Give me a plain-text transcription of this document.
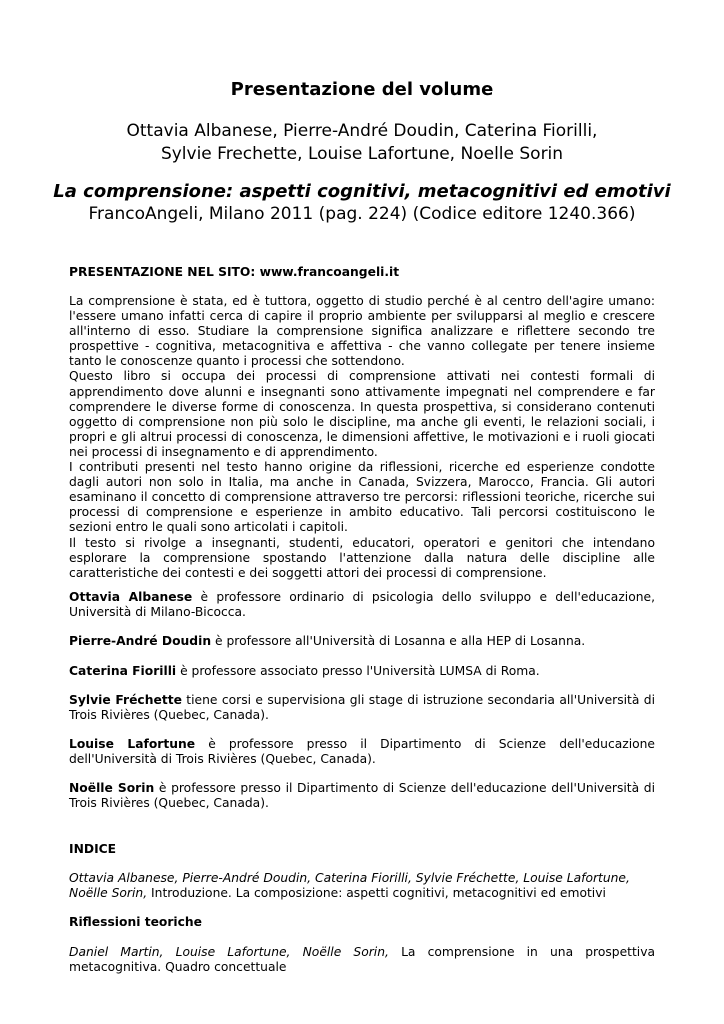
Presentazione del volume
Ottavia Albanese, Pierre-André Doudin, Caterina Fiorilli,
Sylvie Frechette, Louise Lafortune, Noelle Sorin
La comprensione: aspetti cognitivi, metacognitivi ed emotivi
FrancoAngeli, Milano 2011 (pag. 224) (Codice editore 1240.366)
PRESENTAZIONE NEL SITO: www.francoangeli.it

La comprensione è stata, ed è tuttora, oggetto di studio perché è al centro dell'agire umano: l'essere umano infatti cerca di capire il proprio ambiente per svilupparsi al meglio e crescere all'interno di esso. Studiare la comprensione significa analizzare e riflettere secondo tre prospettive - cognitiva, metacognitiva e affettiva - che vanno collegate per tenere insieme tanto le conoscenze quanto i processi che sottendono.

Questo libro si occupa dei processi di comprensione attivati nei contesti formali di apprendimento dove alunni e insegnanti sono attivamente impegnati nel comprendere e far comprendere le diverse forme di conoscenza. In questa prospettiva, si considerano contenuti oggetto di comprensione non più solo le discipline, ma anche gli eventi, le relazioni sociali, i propri e gli altrui processi di conoscenza, le dimensioni affettive, le motivazioni e i ruoli giocati nei processi di insegnamento e di apprendimento.

I contributi presenti nel testo hanno origine da riflessioni, ricerche ed esperienze condotte dagli autori non solo in Italia, ma anche in Canada, Svizzera, Marocco, Francia. Gli autori esaminano il concetto di comprensione attraverso tre percorsi: riflessioni teoriche, ricerche sui processi di comprensione e esperienze in ambito educativo. Tali percorsi costituiscono le sezioni entro le quali sono articolati i capitoli.

Il testo si rivolge a insegnanti, studenti, educatori, operatori e genitori che intendano esplorare la comprensione spostando l'attenzione dalla natura delle discipline alle caratteristiche dei contesti e dei soggetti attori dei processi di comprensione.

Ottavia Albanese è professore ordinario di psicologia dello sviluppo e dell'educazione, Università di Milano-Bicocca.
Pierre-André Doudin è professore all'Università di Losanna e alla HEP di Losanna.
Caterina Fiorilli è professore associato presso l'Università LUMSA di Roma.
Sylvie Fréchette tiene corsi e supervisiona gli stage di istruzione secondaria all'Università di Trois Rivières (Quebec, Canada).
Louise Lafortune è professore presso il Dipartimento di Scienze dell'educazione dell'Università di Trois Rivières (Quebec, Canada).
Noëlle Sorin è professore presso il Dipartimento di Scienze dell'educazione dell'Università di Trois Rivières (Quebec, Canada).
INDICE
Ottavia Albanese, Pierre-André Doudin, Caterina Fiorilli, Sylvie Fréchette, Louise Lafortune, Noëlle Sorin, Introduzione. La composizione: aspetti cognitivi, metacognitivi ed emotivi
Riflessioni teoriche
Daniel Martin, Louise Lafortune, Noëlle Sorin, La comprensione in una prospettiva metacognitiva. Quadro concettuale
